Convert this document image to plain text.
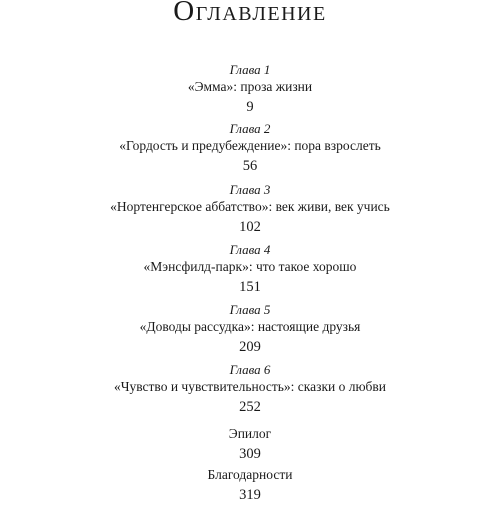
Оглавление
Глава 1
«Эмма»: проза жизни
9
Глава 2
«Гордость и предубеждение»: пора взрослеть
56
Глава 3
«Нортенгерское аббатство»: век живи, век учись
102
Глава 4
«Мэнсфилд-парк»: что такое хорошо
151
Глава 5
«Доводы рассудка»: настоящие друзья
209
Глава 6
«Чувство и чувствительность»: сказки о любви
252
Эпилог
309
Благодарности
319
